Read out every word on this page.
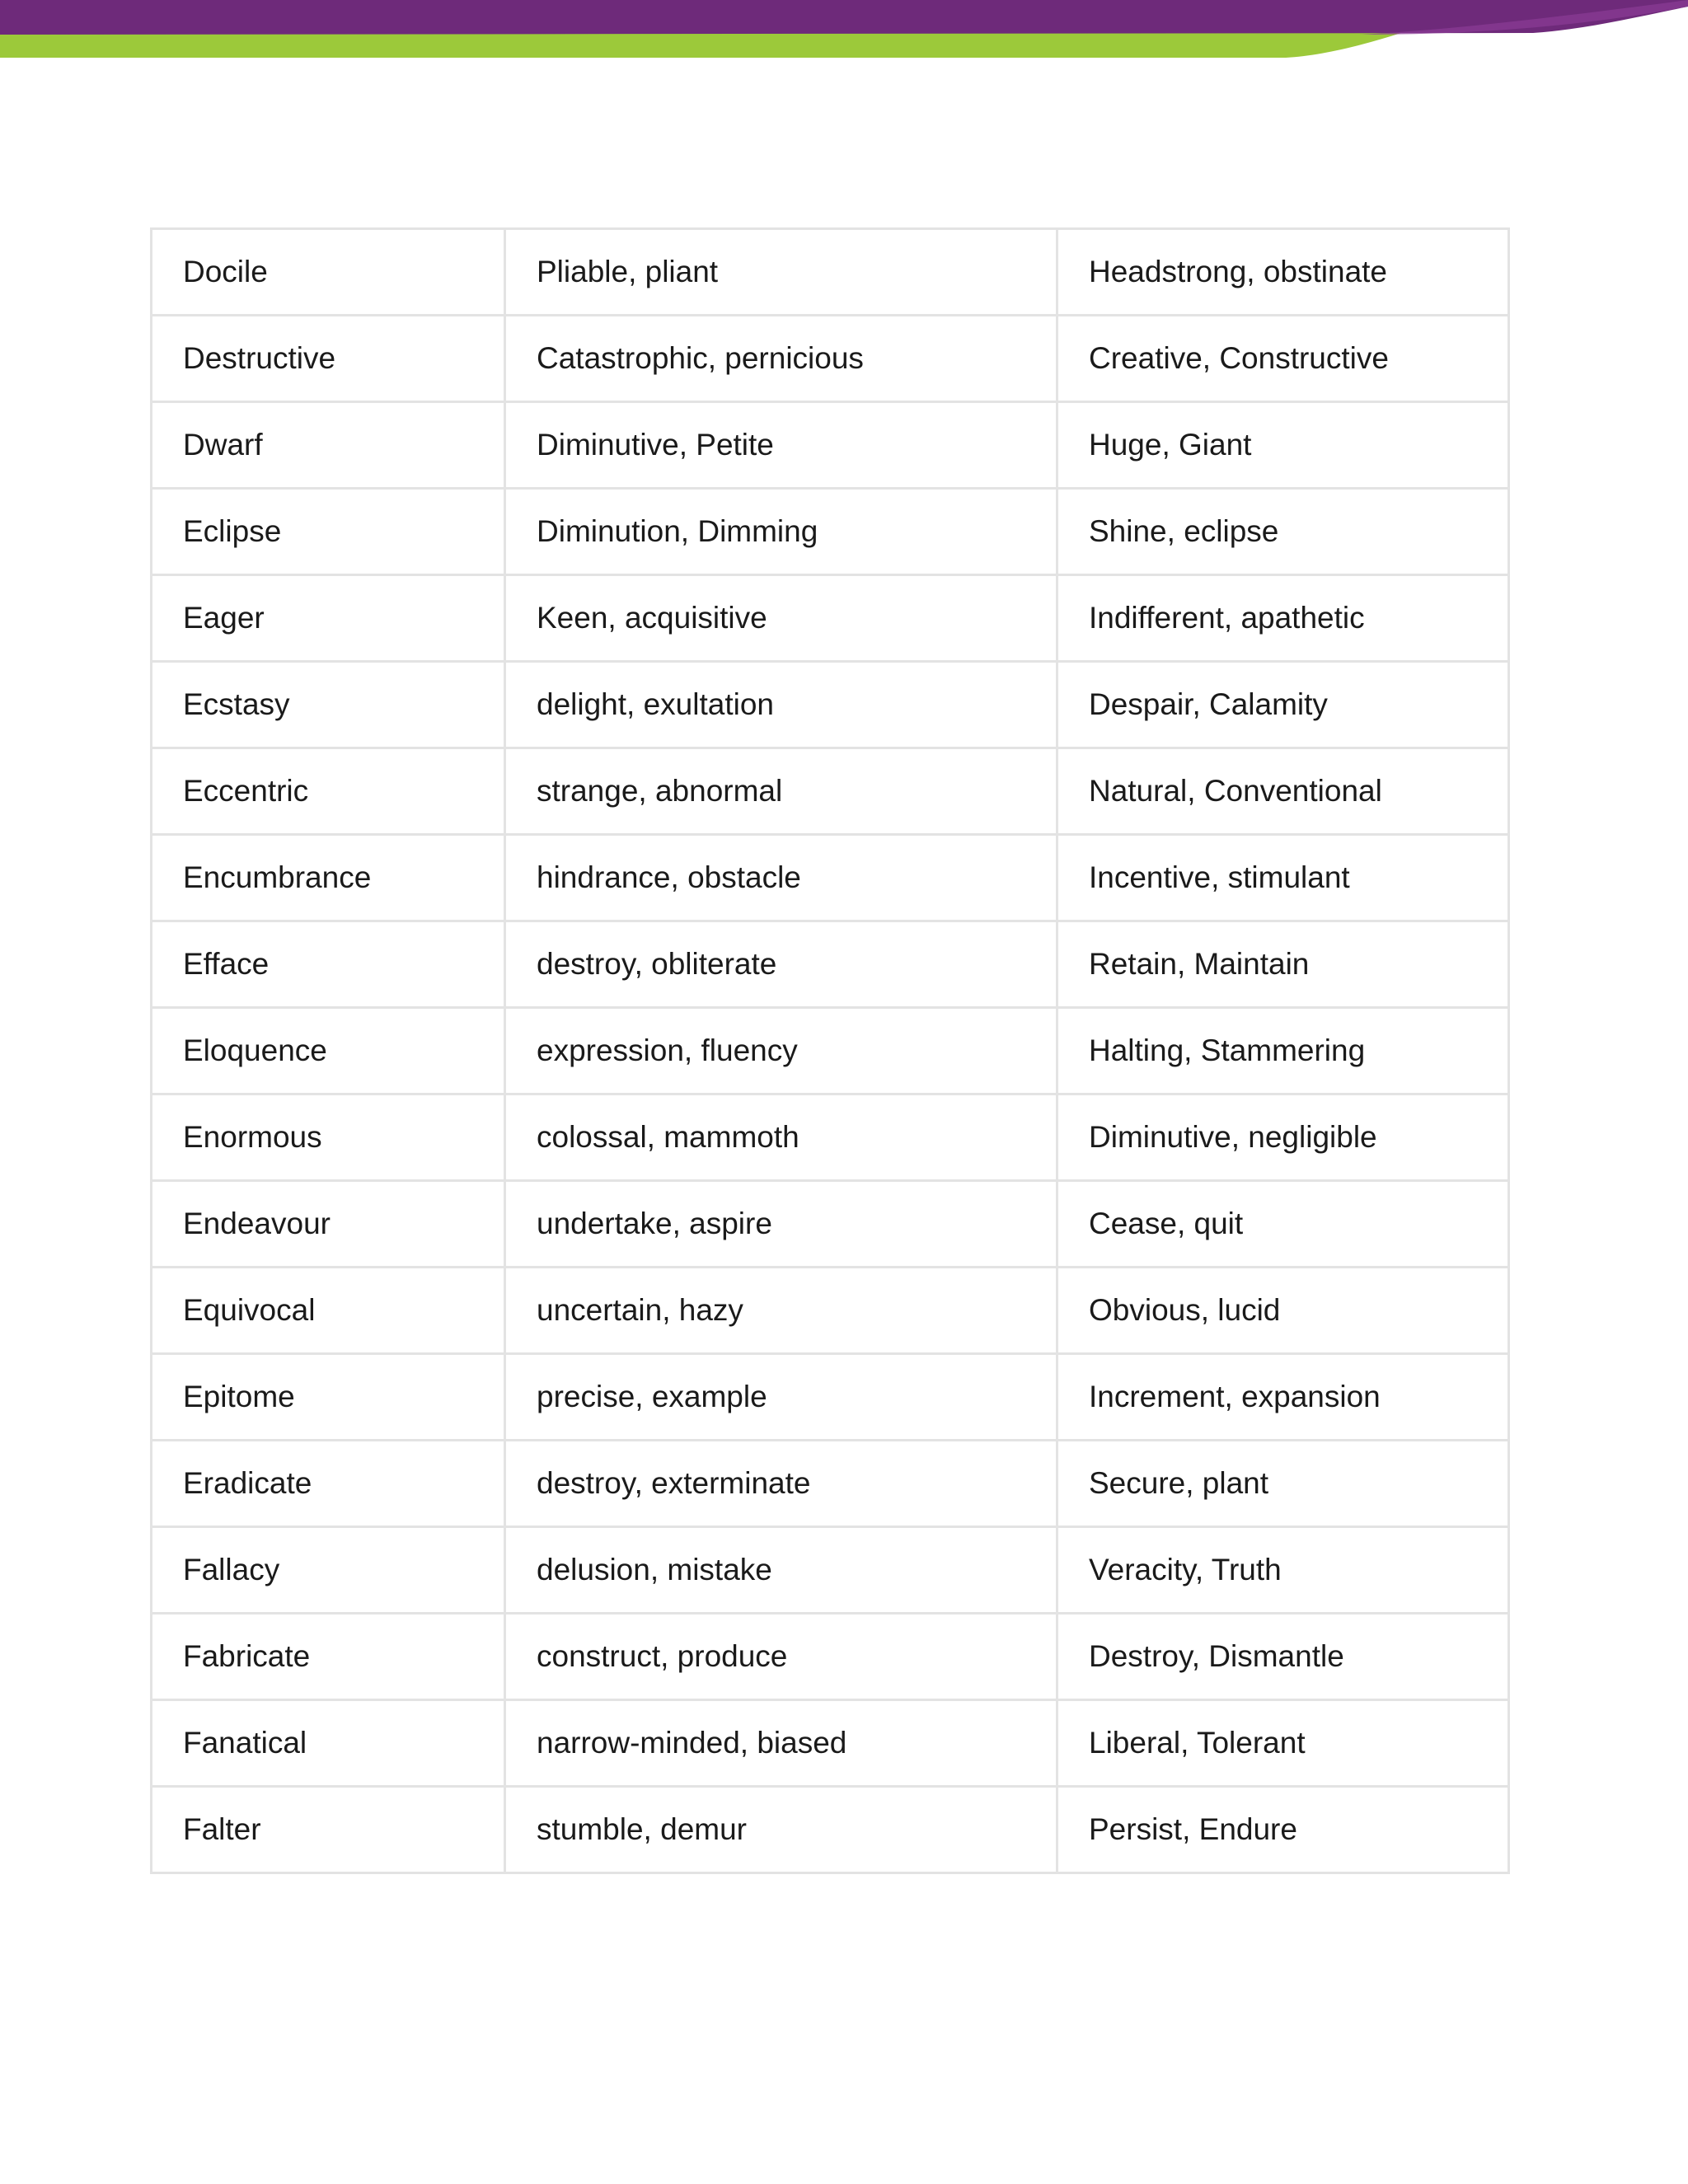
Docile	Pliable, pliant	Headstrong, obstinate
Destructive	Catastrophic, pernicious	Creative, Constructive
Dwarf	Diminutive, Petite	Huge, Giant
Eclipse	Diminution, Dimming	Shine, eclipse
Eager	Keen, acquisitive	Indifferent, apathetic
Ecstasy	delight, exultation	Despair, Calamity
Eccentric	strange, abnormal	Natural, Conventional
Encumbrance	hindrance, obstacle	Incentive, stimulant
Efface	destroy, obliterate	Retain, Maintain
Eloquence	expression, fluency	Halting, Stammering
Enormous	colossal, mammoth	Diminutive, negligible
Endeavour	undertake, aspire	Cease, quit
Equivocal	uncertain, hazy	Obvious, lucid
Epitome	precise, example	Increment, expansion
Eradicate	destroy, exterminate	Secure, plant
Fallacy	delusion, mistake	Veracity, Truth
Fabricate	construct, produce	Destroy, Dismantle
Fanatical	narrow-minded, biased	Liberal, Tolerant
Falter	stumble, demur	Persist, Endure
